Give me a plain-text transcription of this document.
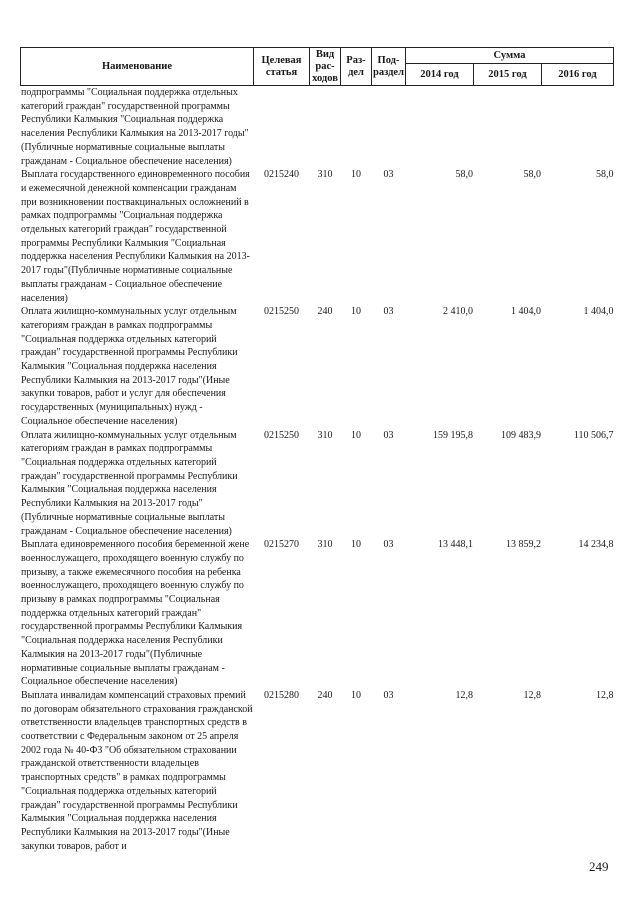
Наименование	Целевая статья	Вид рас- ходов	Раз- дел	Под- раздел	Сумма		
					2014 год	2015 год	2016 год

подпрограммы "Социальная поддержка отдельных категорий граждан" государственной программы Республики Калмыкия "Социальная поддержка населения Республики Калмыкия на 2013-2017 годы"(Публичные нормативные социальные выплаты гражданам - Социальное обеспечение населения)							

Выплата государственного единовременного пособия и ежемесячной денежной компенсации гражданам при возникновении поствакцинальных осложнений в рамках подпрограммы "Социальная поддержка отдельных категорий граждан" государственной программы Республики Калмыкия "Социальная поддержка населения Республики Калмыкия на 2013-2017 годы"(Публичные нормативные социальные выплаты гражданам - Социальное обеспечение населения)	0215240	310	10	03	58,0	58,0	58,0

Оплата жилищно-коммунальных услуг отдельным категориям граждан в рамках подпрограммы "Социальная поддержка отдельных категорий граждан" государственной программы Республики Калмыкия "Социальная поддержка населения Республики Калмыкия на 2013-2017 годы"(Иные закупки товаров, работ и услуг для обеспечения государственных (муниципальных) нужд - Социальное обеспечение населения)	0215250	240	10	03	2 410,0	1 404,0	1 404,0

Оплата жилищно-коммунальных услуг отдельным категориям граждан в рамках подпрограммы "Социальная поддержка отдельных категорий граждан" государственной программы Республики Калмыкия "Социальная поддержка населения Республики Калмыкия на 2013-2017 годы"(Публичные нормативные социальные выплаты гражданам - Социальное обеспечение населения)	0215250	310	10	03	159 195,8	109 483,9	110 506,7

Выплата единовременного пособия беременной жене военнослужащего, проходящего военную службу по призыву, а также ежемесячного пособия на ребенка военнослужащего, проходящего военную службу по призыву в рамках подпрограммы "Социальная поддержка отдельных категорий граждан" государственной программы Республики Калмыкия "Социальная поддержка населения Республики Калмыкия на 2013-2017 годы"(Публичные нормативные социальные выплаты гражданам - Социальное обеспечение населения)	0215270	310	10	03	13 448,1	13 859,2	14 234,8

Выплата инвалидам компенсаций страховых премий по договорам обязательного страхования гражданской ответственности владельцев транспортных средств в соответствии с Федеральным законом от 25 апреля 2002 года № 40-ФЗ "Об обязательном страховании гражданской ответственности владельцев транспортных средств" в рамках подпрограммы "Социальная поддержка отдельных категорий граждан" государственной программы Республики Калмыкия "Социальная поддержка населения Республики Калмыкия на 2013-2017 годы"(Иные закупки товаров, работ и	0215280	240	10	03	12,8	12,8	12,8
249
